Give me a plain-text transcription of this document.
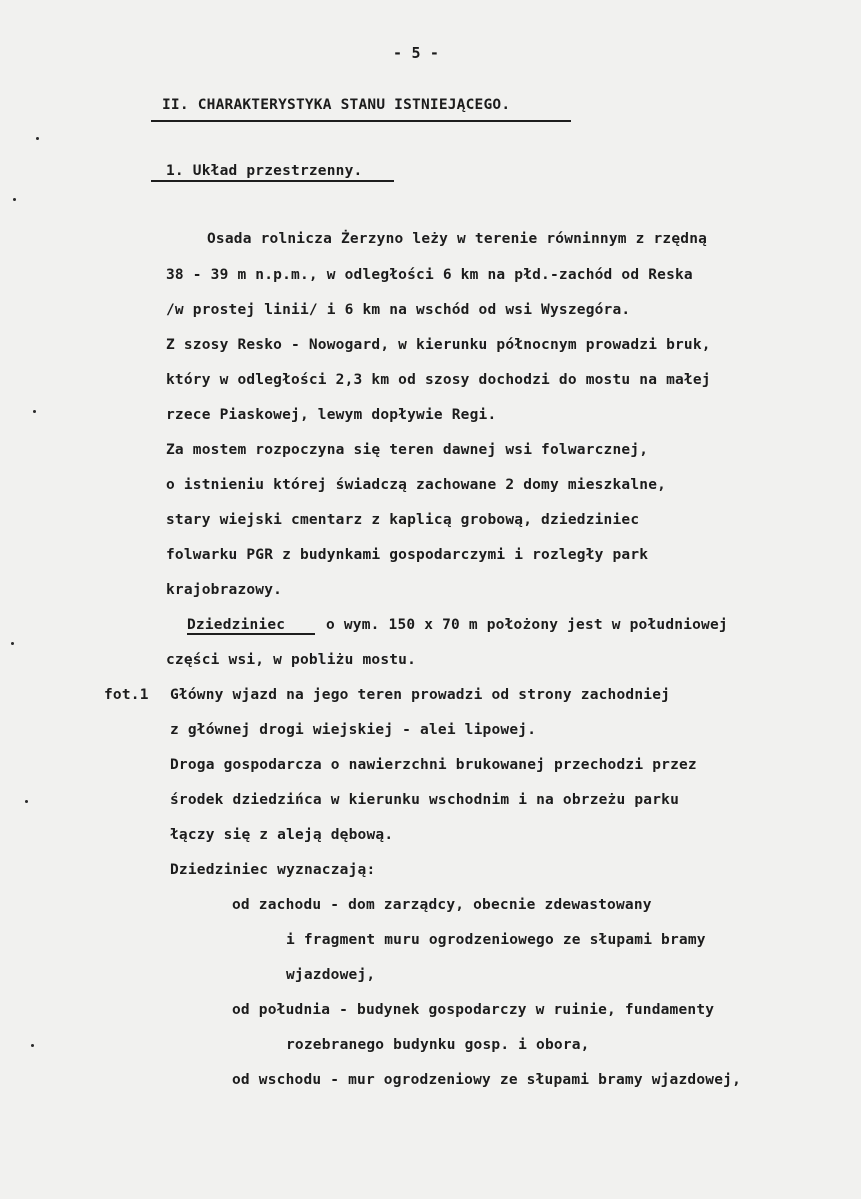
- 5 -
II. CHARAKTERYSTYKA STANU ISTNIEJĄCEGO.
1. Układ przestrzenny.
Osada rolnicza Żerzyno leży w terenie równinnym z rzędną
38 - 39 m n.p.m., w odległości 6 km na płd.-zachód od Reska
/w prostej linii/ i 6 km na wschód od wsi Wyszegóra.
Z szosy Resko - Nowogard, w kierunku północnym prowadzi bruk,
który w odległości 2,3 km od szosy dochodzi do mostu na małej
rzece Piaskowej, lewym dopływie Regi.
Za mostem rozpoczyna się teren dawnej wsi folwarcznej,
o istnieniu której świadczą zachowane 2 domy mieszkalne,
stary wiejski cmentarz z kaplicą grobową, dziedziniec
folwarku PGR z budynkami gospodarczymi i rozległy park
krajobrazowy.
Dziedziniec	o wym. 150 x 70 m położony jest w południowej
części wsi, w pobliżu mostu.
fot.1 Główny wjazd na jego teren prowadzi od strony zachodniej
z głównej drogi wiejskiej - alei lipowej.
Droga gospodarcza o nawierzchni brukowanej przechodzi przez
środek dziedzińca w kierunku wschodnim i na obrzeżu parku
łączy się z aleją dębową.
Dziedziniec wyznaczają:
od zachodu - dom zarządcy, obecnie zdewastowany
i fragment muru ogrodzeniowego ze słupami bramy
wjazdowej,
od południa - budynek gospodarczy w ruinie, fundamenty
rozebranego budynku gosp. i obora,
od wschodu - mur ogrodzeniowy ze słupami bramy wjazdowej,
